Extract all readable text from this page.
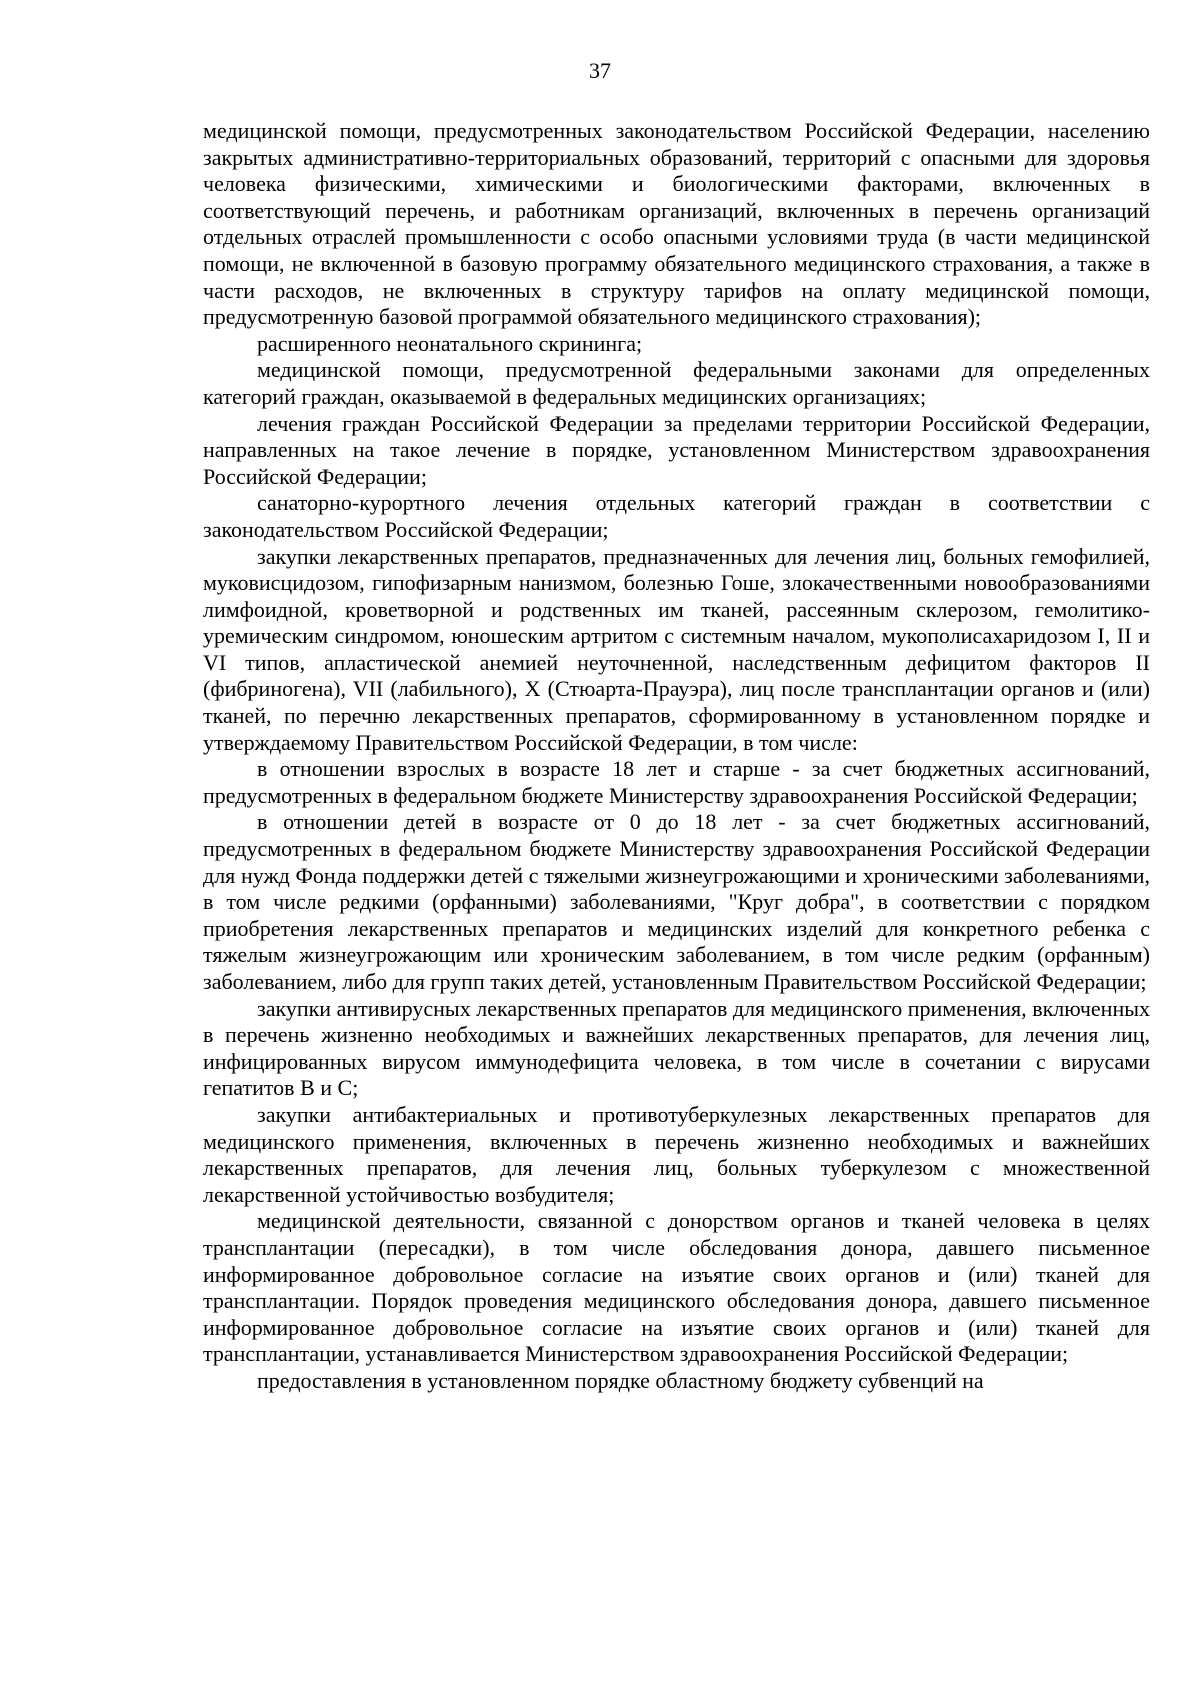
37

медицинской помощи, предусмотренных законодательством Российской Федерации, населению закрытых административно-территориальных образований, территорий с опасными для здоровья человека физическими, химическими и биологическими факторами, включенных в соответствующий перечень, и работникам организаций, включенных в перечень организаций отдельных отраслей промышленности с особо опасными условиями труда (в части медицинской помощи, не включенной в базовую программу обязательного медицинского страхования, а также в части расходов, не включенных в структуру тарифов на оплату медицинской помощи, предусмотренную базовой программой обязательного медицинского страхования);

расширенного неонатального скрининга;

медицинской помощи, предусмотренной федеральными законами для определенных категорий граждан, оказываемой в федеральных медицинских организациях;

лечения граждан Российской Федерации за пределами территории Российской Федерации, направленных на такое лечение в порядке, установленном Министерством здравоохранения Российской Федерации;

санаторно-курортного лечения отдельных категорий граждан в соответствии с законодательством Российской Федерации;

закупки лекарственных препаратов, предназначенных для лечения лиц, больных гемофилией, муковисцидозом, гипофизарным нанизмом, болезнью Гоше, злокачественными новообразованиями лимфоидной, кроветворной и родственных им тканей, рассеянным склерозом, гемолитико-уремическим синдромом, юношеским артритом с системным началом, мукополисахаридозом I, II и VI типов, апластической анемией неуточненной, наследственным дефицитом факторов II (фибриногена), VII (лабильного), X (Стюарта-Прауэра), лиц после трансплантации органов и (или) тканей, по перечню лекарственных препаратов, сформированному в установленном порядке и утверждаемому Правительством Российской Федерации, в том числе:

в отношении взрослых в возрасте 18 лет и старше - за счет бюджетных ассигнований, предусмотренных в федеральном бюджете Министерству здравоохранения Российской Федерации;

в отношении детей в возрасте от 0 до 18 лет - за счет бюджетных ассигнований, предусмотренных в федеральном бюджете Министерству здравоохранения Российской Федерации для нужд Фонда поддержки детей с тяжелыми жизнеугрожающими и хроническими заболеваниями, в том числе редкими (орфанными) заболеваниями, "Круг добра", в соответствии с порядком приобретения лекарственных препаратов и медицинских изделий для конкретного ребенка с тяжелым жизнеугрожающим или хроническим заболеванием, в том числе редким (орфанным) заболеванием, либо для групп таких детей, установленным Правительством Российской Федерации;

закупки антивирусных лекарственных препаратов для медицинского применения, включенных в перечень жизненно необходимых и важнейших лекарственных препаратов, для лечения лиц, инфицированных вирусом иммунодефицита человека, в том числе в сочетании с вирусами гепатитов B и C;

закупки антибактериальных и противотуберкулезных лекарственных препаратов для медицинского применения, включенных в перечень жизненно необходимых и важнейших лекарственных препаратов, для лечения лиц, больных туберкулезом с множественной лекарственной устойчивостью возбудителя;

медицинской деятельности, связанной с донорством органов и тканей человека в целях трансплантации (пересадки), в том числе обследования донора, давшего письменное информированное добровольное согласие на изъятие своих органов и (или) тканей для трансплантации. Порядок проведения медицинского обследования донора, давшего письменное информированное добровольное согласие на изъятие своих органов и (или) тканей для трансплантации, устанавливается Министерством здравоохранения Российской Федерации;

предоставления в установленном порядке областному бюджету субвенций на
